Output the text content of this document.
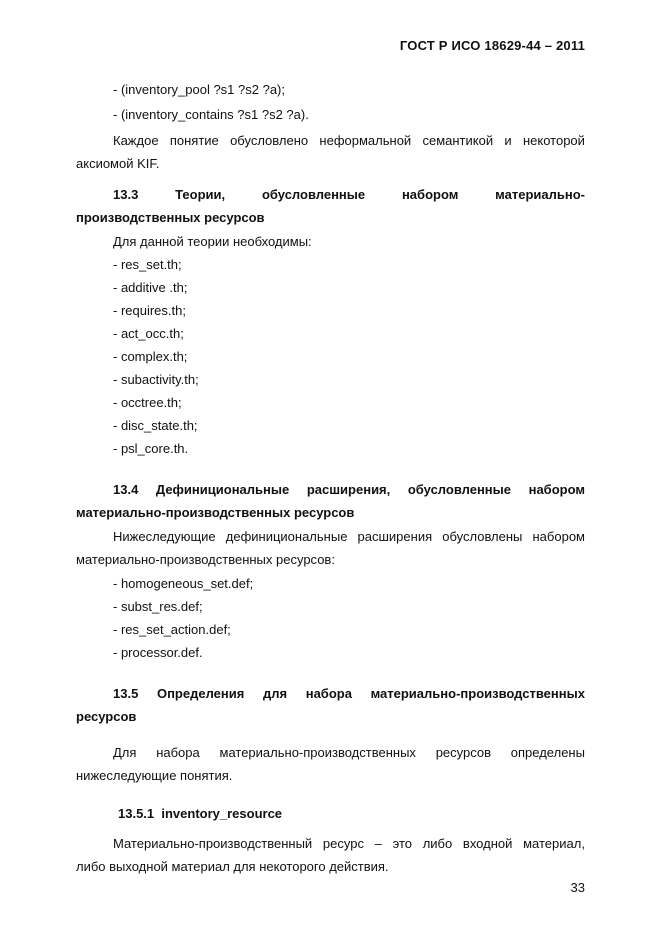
ГОСТ Р ИСО 18629-44 – 2011
- (inventory_pool ?s1 ?s2 ?a);
- (inventory_contains ?s1 ?s2 ?a).
Каждое понятие обусловлено неформальной семантикой и некоторой
аксиомой KIF.
13.3	Теории,	обусловленные	набором	материально-
производственных ресурсов
Для данной теории необходимы:
- res_set.th;
- additive .th;
- requires.th;
- act_occ.th;
- complex.th;
- subactivity.th;
- occtree.th;
- disc_state.th;
- psl_core.th.
13.4 Дефинициональные расширения, обусловленные набором
материально-производственных ресурсов
Нижеследующие дефинициональные расширения обусловлены набором
материально-производственных ресурсов:
- homogeneous_set.def;
- subst_res.def;
- res_set_action.def;
- processor.def.
13.5 Определения для набора материально-производственных
ресурсов
Для набора материально-производственных ресурсов определены
нижеследующие понятия.
13.5.1  inventory_resource
Материально-производственный ресурс – это либо входной материал,
либо выходной материал для некоторого действия.
33
